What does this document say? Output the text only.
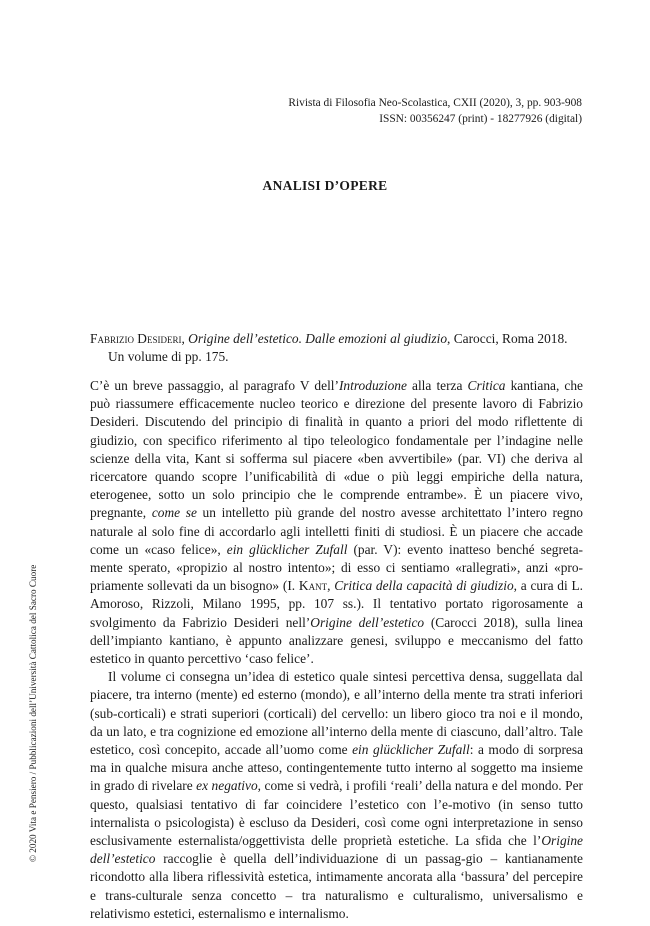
Rivista di Filosofia Neo-Scolastica, CXII (2020), 3, pp. 903-908
ISSN: 00356247 (print) - 18277926 (digital)
ANALISI D’OPERE
Fabrizio Desideri, Origine dell’estetico. Dalle emozioni al giudizio, Carocci, Roma 2018. Un volume di pp. 175.

C’è un breve passaggio, al paragrafo V dell’Introduzione alla terza Critica kantiana, che può riassumere efficacemente nucleo teorico e direzione del presente lavoro di Fabrizio Desideri. Discutendo del principio di finalità in quanto a priori del modo riflettente di giudizio, con specifico riferimento al tipo teleologico fondamentale per l’indagine nelle scienze della vita, Kant si sofferma sul piacere «ben avvertibile» (par. VI) che deriva al ricercatore quando scopre l’unificabilità di «due o più leggi empiriche della natura, eterogenee, sotto un solo principio che le comprende entrambe». È un piacere vivo, pregnante, come se un intelletto più grande del nostro avesse architettato l’intero regno naturale al solo fine di accordarlo agli intelletti finiti di studiosi. È un piacere che accade come un «caso felice», ein glücklicher Zufall (par. V): evento inatteso benché segreta-mente sperato, «propizio al nostro intento»; di esso ci sentiamo «rallegrati», anzi «pro-priamente sollevati da un bisogno» (I. Kant, Critica della capacità di giudizio, a cura di L. Amoroso, Rizzoli, Milano 1995, pp. 107 ss.). Il tentativo portato rigorosamente a svolgimento da Fabrizio Desideri nell’Origine dell’estetico (Carocci 2018), sulla linea dell’impianto kantiano, è appunto analizzare genesi, sviluppo e meccanismo del fatto estetico in quanto percettivo ‘caso felice’.

Il volume ci consegna un’idea di estetico quale sintesi percettiva densa, suggellata dal piacere, tra interno (mente) ed esterno (mondo), e all’interno della mente tra strati inferiori (sub-corticali) e strati superiori (corticali) del cervello: un libero gioco tra noi e il mondo, da un lato, e tra cognizione ed emozione all’interno della mente di ciascuno, dall’altro. Tale estetico, così concepito, accade all’uomo come ein glücklicher Zufall: a modo di sorpresa ma in qualche misura anche atteso, contingentemente tutto interno al soggetto ma insieme in grado di rivelare ex negativo, come si vedrà, i profili ‘reali’ della natura e del mondo. Per questo, qualsiasi tentativo di far coincidere l’estetico con l’e-motivo (in senso tutto internalista o psicologista) è escluso da Desideri, così come ogni interpretazione in senso esclusivamente esternalista/oggettivista delle proprietà estetiche. La sfida che l’Origine dell’estetico raccoglie è quella dell’individuazione di un passag-gio – kantianamente ricondotto alla libera riflessività estetica, intimamente ancorata alla ‘bassura’ del percepire e trans-culturale senza concetto – tra naturalismo e culturalismo, universalismo e relativismo estetici, esternalismo e internalismo.

© 2020 Vita e Pensiero / Pubblicazioni dell’Università Cattolica del Sacro Cuore
